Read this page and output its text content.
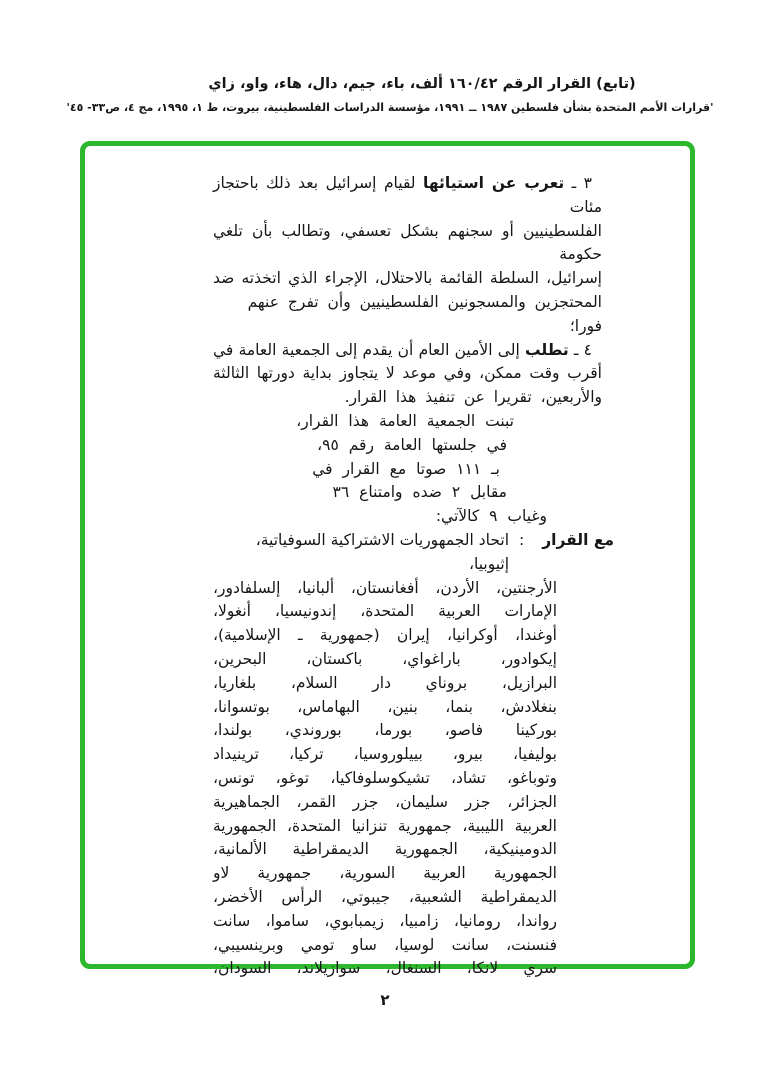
(تابع) القرار الرقم ١٦٠/٤٢ ألف، باء، جيم، دال، هاء، واو، زاي
'قرارات الأمم المتحدة بشأن فلسطين ١٩٨٧ ــ ١٩٩١، مؤسسة الدراسات الفلسطينية، بيروت، ط ١، ١٩٩٥، مج ٤، ص٣٣- ٤٥'
٣ ـ تعرب عن استيائها لقيام إسرائيل بعد ذلك باحتجاز مئات
الفلسطينيين أو سجنهم بشكل تعسفي، وتطالب بأن تلغي حكومة
إسرائيل، السلطة القائمة بالاحتلال، الإجراء الذي اتخذته ضد
المحتجزين والمسجونين الفلسطينيين وأن تفرج عنهم فورا؛
٤ ـ تطلب إلى الأمين العام أن يقدم إلى الجمعية العامة في
أقرب وقت ممكن، وفي موعد لا يتجاوز بداية دورتها الثالثة
والأربعين، تقريرا عن تنفيذ هذا القرار.
تبنت الجمعية العامة هذا القرار،
في جلستها العامة رقم ٩٥،
بـ ١١١ صوتا مع القرار في
مقابل ٢ ضده وامتناع ٣٦
وغياب ٩ كالآتي:
مع القرار
:
اتحاد الجمهوريات الاشتراكية السوفياتية، إثيوبيا،
الأرجنتين، الأردن، أفغانستان، ألبانيا، إلسلفادور،
الإمارات العربية المتحدة، إندونيسيا، أنغولا،
أوغندا، أوكرانيا، إيران (جمهورية ـ الإسلامية)،
إيكوادور، باراغواي، باكستان، البحرين،
البرازيل، بروناي دار السلام، بلغاريا،
بنغلادش، بنما، بنين، البهاماس، بوتسوانا،
بوركينا فاصو، بورما، بوروندي، بولندا،
بوليفيا، بيرو، بييلوروسيا، تركيا، ترينيداد
وتوباغو، تشاد، تشيكوسلوفاكيا، توغو، تونس،
الجزائر، جزر سليمان، جزر القمر، الجماهيرية
العربية الليبية، جمهورية تنزانيا المتحدة، الجمهورية
الدومينيكية، الجمهورية الديمقراطية الألمانية،
الجمهورية العربية السورية، جمهورية لاو
الديمقراطية الشعبية، جيبوتي، الرأس الأخضر،
رواندا، رومانيا، زامبيا، زيمبابوي، ساموا، سانت
فنسنت، سانت لوسيا، ساو تومي وبرينسيبي،
سري لانكا، السنغال، سوازيلاند، السودان،
٢
